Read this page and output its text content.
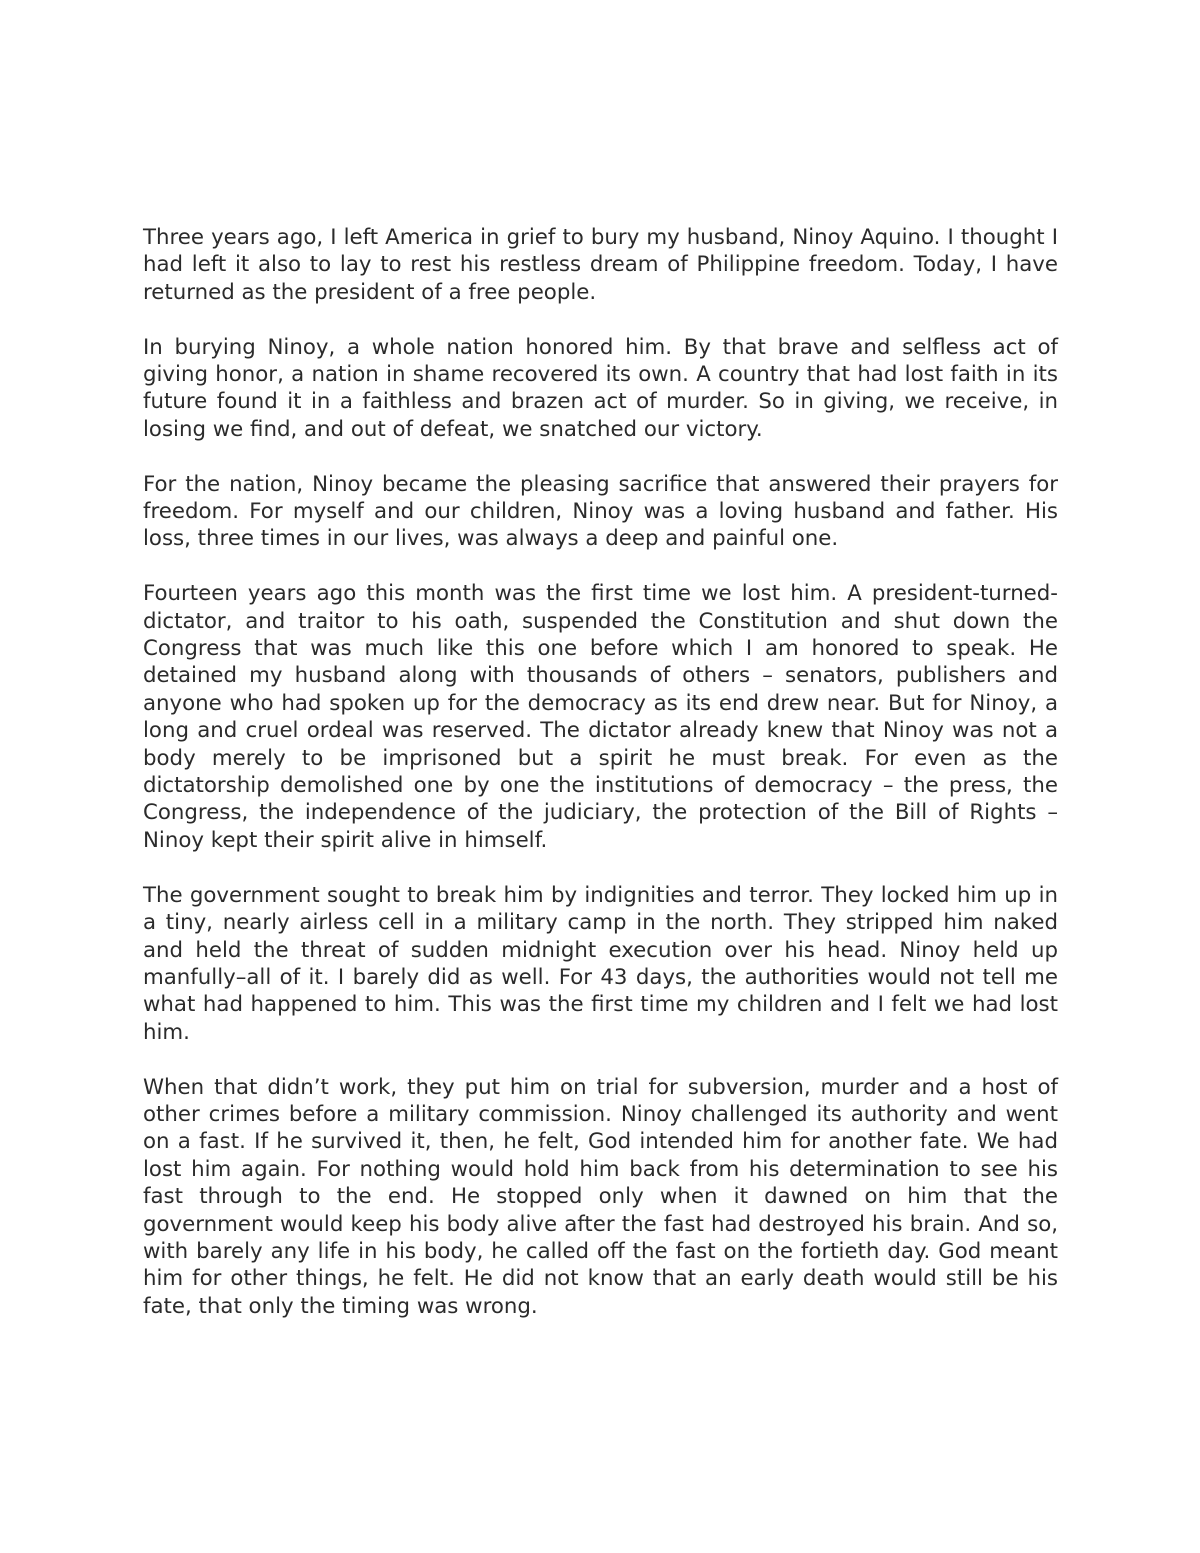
Three years ago, I left America in grief to bury my husband, Ninoy Aquino. I thought I had left it also to lay to rest his restless dream of Philippine freedom. Today, I have returned as the president of a free people.

In burying Ninoy, a whole nation honored him. By that brave and selfless act of giving honor, a nation in shame recovered its own. A country that had lost faith in its future found it in a faithless and brazen act of murder. So in giving, we receive, in losing we find, and out of defeat, we snatched our victory.

For the nation, Ninoy became the pleasing sacrifice that answered their prayers for freedom. For myself and our children, Ninoy was a loving husband and father. His loss, three times in our lives, was always a deep and painful one.

Fourteen years ago this month was the first time we lost him. A president-turned-dictator, and traitor to his oath, suspended the Constitution and shut down the Congress that was much like this one before which I am honored to speak. He detained my husband along with thousands of others – senators, publishers and anyone who had spoken up for the democracy as its end drew near. But for Ninoy, a long and cruel ordeal was reserved. The dictator already knew that Ninoy was not a body merely to be imprisoned but a spirit he must break. For even as the dictatorship demolished one by one the institutions of democracy – the press, the Congress, the independence of the judiciary, the protection of the Bill of Rights – Ninoy kept their spirit alive in himself.

The government sought to break him by indignities and terror. They locked him up in a tiny, nearly airless cell in a military camp in the north. They stripped him naked and held the threat of sudden midnight execution over his head. Ninoy held up manfully–all of it. I barely did as well. For 43 days, the authorities would not tell me what had happened to him. This was the first time my children and I felt we had lost him.

When that didn’t work, they put him on trial for subversion, murder and a host of other crimes before a military commission. Ninoy challenged its authority and went on a fast. If he survived it, then, he felt, God intended him for another fate. We had lost him again. For nothing would hold him back from his determination to see his fast through to the end. He stopped only when it dawned on him that the government would keep his body alive after the fast had destroyed his brain. And so, with barely any life in his body, he called off the fast on the fortieth day. God meant him for other things, he felt. He did not know that an early death would still be his fate, that only the timing was wrong.
